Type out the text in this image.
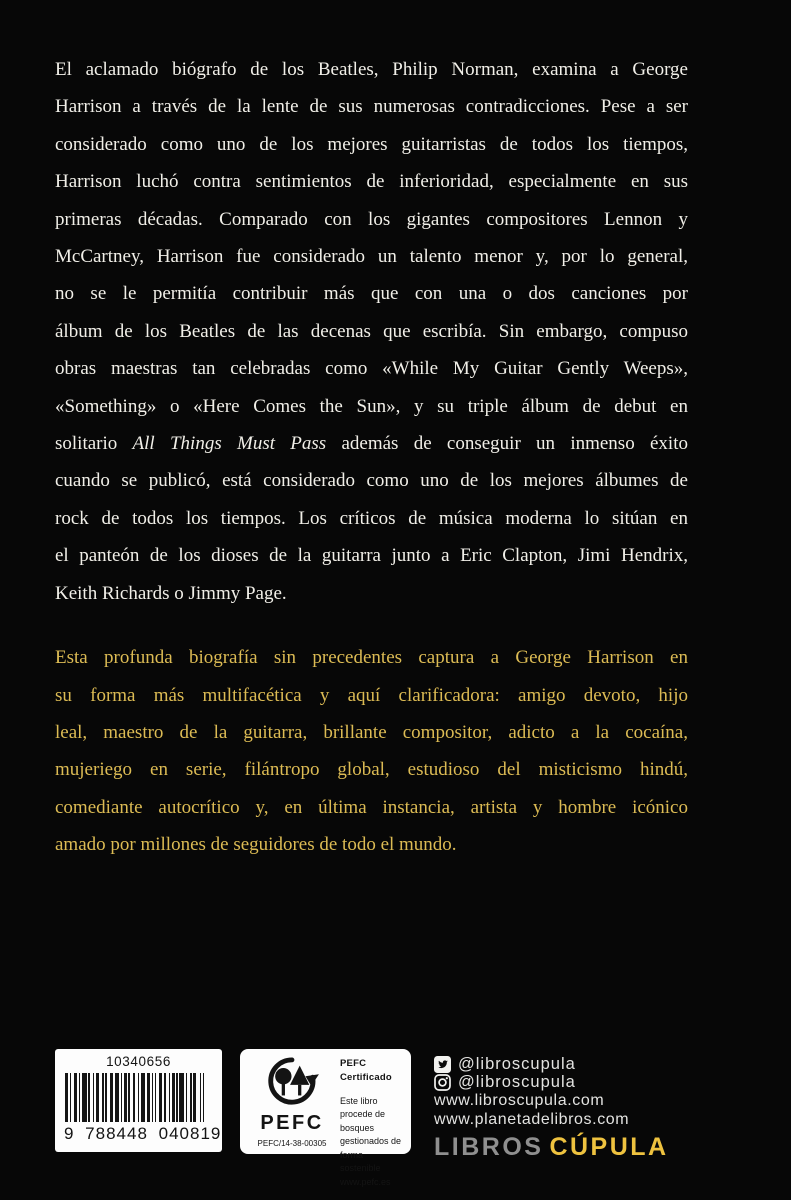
El aclamado biógrafo de los Beatles, Philip Norman, examina a George
Harrison a través de la lente de sus numerosas contradicciones. Pese a ser
considerado como uno de los mejores guitarristas de todos los tiempos,
Harrison luchó contra sentimientos de inferioridad, especialmente en sus
primeras décadas. Comparado con los gigantes compositores Lennon y
McCartney, Harrison fue considerado un talento menor y, por lo general,
no se le permitía contribuir más que con una o dos canciones por
álbum de los Beatles de las decenas que escribía. Sin embargo, compuso
obras maestras tan celebradas como «While My Guitar Gently Weeps»,
«Something» o «Here Comes the Sun», y su triple álbum de debut en
solitario All Things Must Pass además de conseguir un inmenso éxito
cuando se publicó, está considerado como uno de los mejores álbumes de
rock de todos los tiempos. Los críticos de música moderna lo sitúan en
el panteón de los dioses de la guitarra junto a Eric Clapton, Jimi Hendrix,
Keith Richards o Jimmy Page.
Esta profunda biografía sin precedentes captura a George Harrison en
su forma más multifacética y aquí clarificadora: amigo devoto, hijo
leal, maestro de la guitarra, brillante compositor, adicto a la cocaína,
mujeriego en serie, filántropo global, estudioso del misticismo hindú,
comediante autocrítico y, en última instancia, artista y hombre icónico
amado por millones de seguidores de todo el mundo.
10340656
9 788448 040819 PEFC
PEFC/14-38-00305
PEFC Certificado
Este libro procede de bosques gestionados de forma sostenible
www.pefc.es
@libroscupula
@libroscupula
www.libroscupula.com
www.planetadelibros.com
LIBROS CÚPULA
